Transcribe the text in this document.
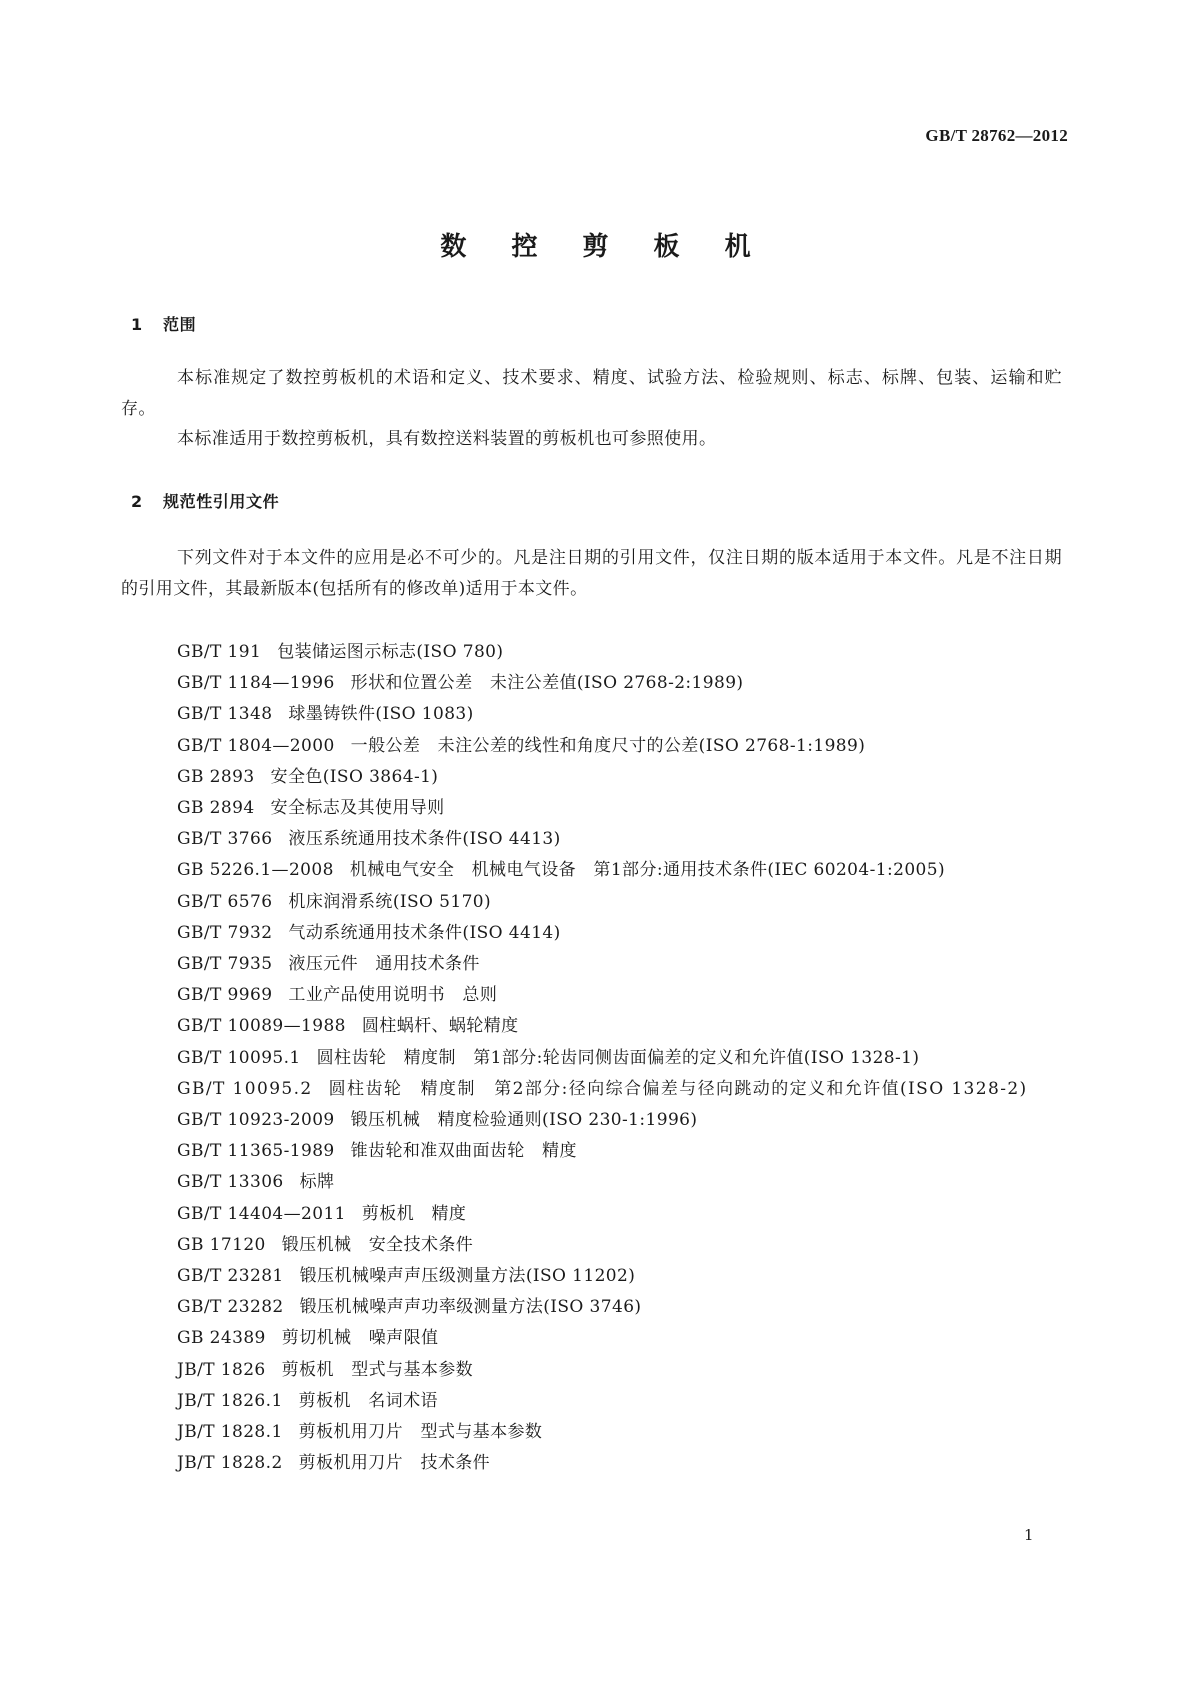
GB/T 28762—2012
数 控 剪 板 机
1 范围

本标准规定了数控剪板机的术语和定义、技术要求、精度、试验方法、检验规则、标志、标牌、包装、运输和贮存。

本标准适用于数控剪板机，具有数控送料装置的剪板机也可参照使用。

2 规范性引用文件

下列文件对于本文件的应用是必不可少的。凡是注日期的引用文件，仅注日期的版本适用于本文件。凡是不注日期的引用文件，其最新版本(包括所有的修改单)适用于本文件。

GB/T 191 包装储运图示标志(ISO 780)
GB/T 1184—1996 形状和位置公差　未注公差值(ISO 2768-2:1989)
GB/T 1348 球墨铸铁件(ISO 1083)
GB/T 1804—2000 一般公差　未注公差的线性和角度尺寸的公差(ISO 2768-1:1989)
GB 2893 安全色(ISO 3864-1)
GB 2894 安全标志及其使用导则
GB/T 3766 液压系统通用技术条件(ISO 4413)
GB 5226.1—2008 机械电气安全　机械电气设备　第1部分:通用技术条件(IEC 60204-1:2005)
GB/T 6576 机床润滑系统(ISO 5170)
GB/T 7932 气动系统通用技术条件(ISO 4414)
GB/T 7935 液压元件　通用技术条件
GB/T 9969 工业产品使用说明书　总则
GB/T 10089—1988 圆柱蜗杆、蜗轮精度
GB/T 10095.1 圆柱齿轮　精度制　第1部分:轮齿同侧齿面偏差的定义和允许值(ISO 1328-1)
GB/T 10095.2 圆柱齿轮　精度制　第2部分:径向综合偏差与径向跳动的定义和允许值(ISO 1328-2)
GB/T 10923-2009 锻压机械　精度检验通则(ISO 230-1:1996)
GB/T 11365-1989 锥齿轮和准双曲面齿轮　精度
GB/T 13306 标牌
GB/T 14404—2011 剪板机　精度
GB 17120 锻压机械　安全技术条件
GB/T 23281 锻压机械噪声声压级测量方法(ISO 11202)
GB/T 23282 锻压机械噪声声功率级测量方法(ISO 3746)
GB 24389 剪切机械　噪声限值
JB/T 1826 剪板机　型式与基本参数
JB/T 1826.1 剪板机　名词术语
JB/T 1828.1 剪板机用刀片　型式与基本参数
JB/T 1828.2 剪板机用刀片　技术条件
1
